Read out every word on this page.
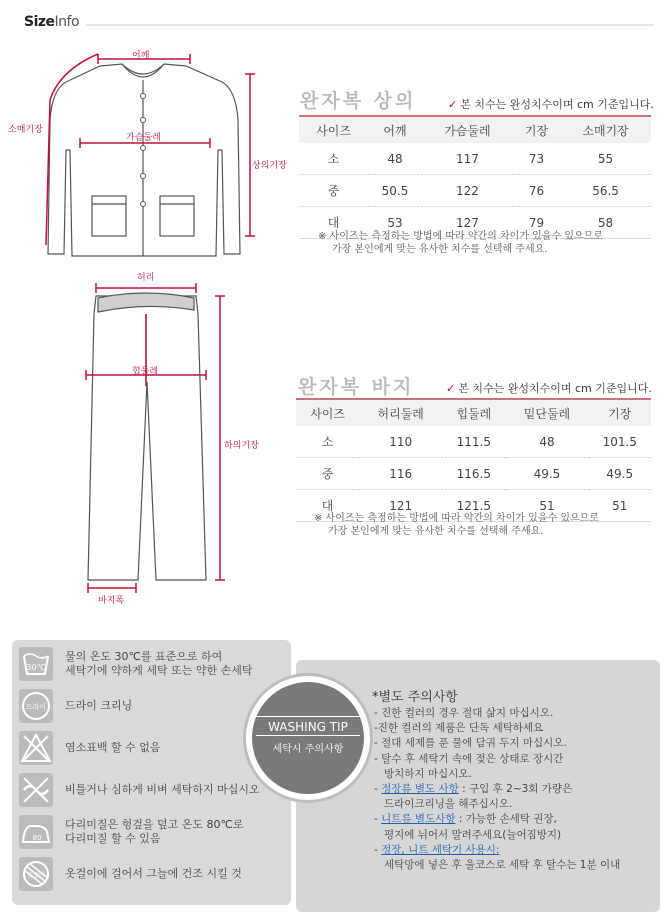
SizeInfo
어깨
가슴둘레
소매기장
상의기장
허리
힙둘레
하의기장
바지폭
완자복 상의	✓ 본 치수는 완성치수이며 cm 기준입니다.
사이즈	어깨	가슴둘레	기장	소매기장
소	48	117	73	55
중	50.5	122	76	56.5
대	53	127	79	58
※ 사이즈는 측정하는 방법에 따라 약간의 차이가 있을수 있으므로
가장 본인에게 맞는 유사한 치수를 선택해 주세요.
완자복 바지	✓ 본 치수는 완성치수이며 cm 기준입니다.
사이즈	허리둘레	힙둘레	밑단둘레	기장
소	110	111.5	48	101.5
중	116	116.5	49.5	49.5
대	121	121.5	51	51
※ 사이즈는 측정하는 방법에 따라 약간의 차이가 있을수 있으므로
가장 본인에게 맞는 유사한 치수를 선택해 주세요.
30℃
물의 온도 30℃를 표준으로 하여
세탁기에 약하게 세탁 또는 약한 손세탁
드라이 드라이 크리닝
염소표백 할 수 없음
비틀거나 심하게 비벼 세탁하지 마십시오
80
다리미질은 헝겊을 덮고 온도 80℃로
다리미질 할 수 있음
옷걸이 옷걸이에 걸어서 그늘에 건조 시킬 것
WASHING TIP
세탁시 주의사항
*별도 주의사항
- 진한 컬러의 경우 절대 삶지 마십시오.
-진한 컬러의 제품은 단독 세탁하세요
- 절대 세제를 푼 물에 담궈 두지 마십시오.
- 탈수 후 세탁기 속에 젖은 상태로 장시간
방치하지 마십시오.
- 정장류 별도 사항 : 구입 후 2~3회 가량은
드라이크리닝을 해주십시오.
- 니트류 별도사항 : 가능한 손세탁 권장,
평지에 뉘어서 말려주세요(늘어짐방지)
- 정장, 니트 세탁기 사용시:
세탁망에 넣은 후 울코스로 세탁 후 탈수는 1분 이내
